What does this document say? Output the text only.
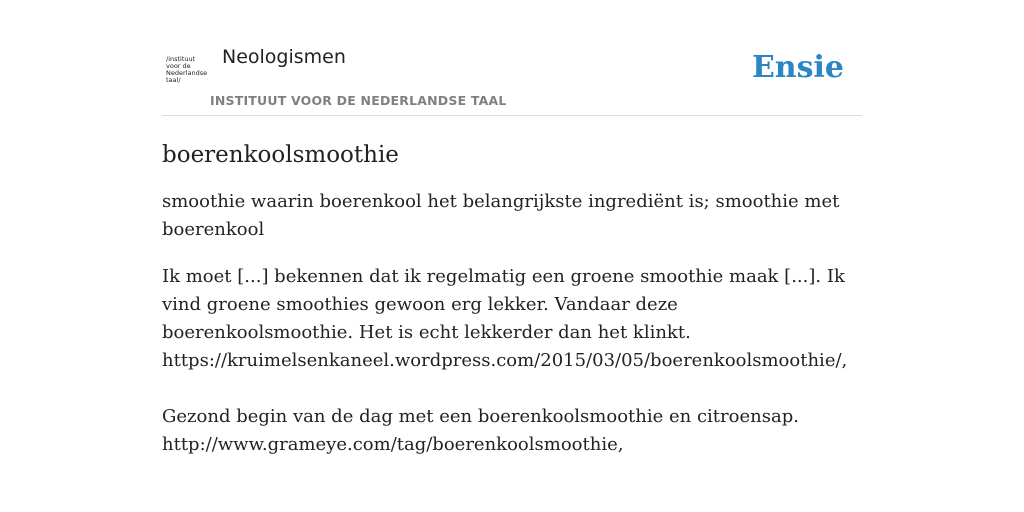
/instituut
voor de
Nederlandse
taal/
Neologismen
INSTITUUT VOOR DE NEDERLANDSE TAAL
Ensie
boerenkoolsmoothie

smoothie waarin boerenkool het belangrijkste ingrediënt is; smoothie met boerenkool

Ik moet [...] bekennen dat ik regelmatig een groene smoothie maak [...]. Ik vind groene smoothies gewoon erg lekker. Vandaar deze boerenkoolsmoothie. Het is echt lekkerder dan het klinkt.
https://kruimelsenkaneel.wordpress.com/2015/03/05/boerenkoolsmoothie/,
Gezond begin van de dag met een boerenkoolsmoothie en citroensap.
http://www.grameye.com/tag/boerenkoolsmoothie,
